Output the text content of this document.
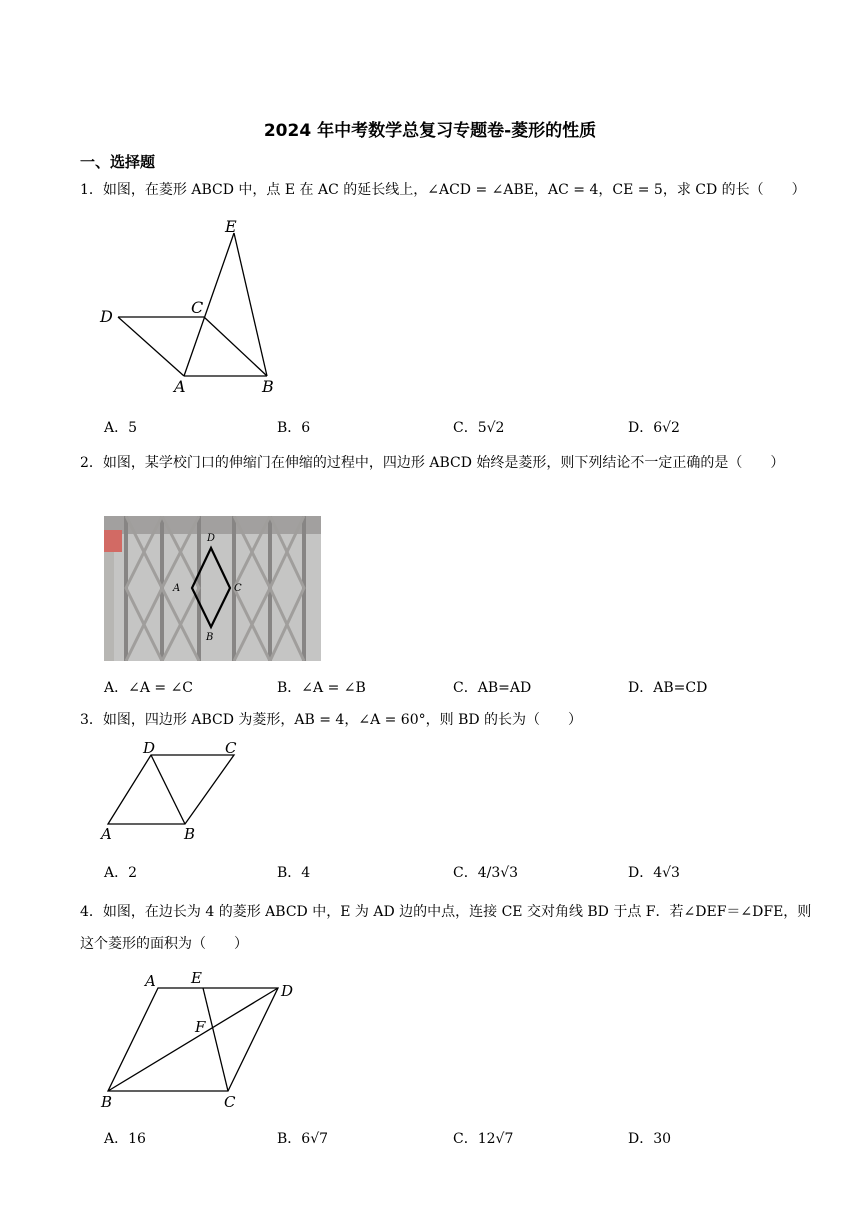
2024 年中考数学总复习专题卷-菱形的性质
一、选择题
1．如图，在菱形 ABCD 中，点 E 在 AC 的延长线上，∠ACD = ∠ABE，AC = 4，CE = 5，求 CD 的长（　　）
E
D	C
A	B
A．5	B．6	C．5√2	D．6√2
2．如图，某学校门口的伸缩门在伸缩的过程中，四边形 ABCD 始终是菱形，则下列结论不一定正确的是（　　）
D
A	C
B
A．∠A = ∠C	B．∠A = ∠B	C．AB=AD	D．AB=CD
3．如图，四边形 ABCD 为菱形，AB = 4，∠A = 60°，则 BD 的长为（　　）
D	C
A	B
A．2	B．4	C．4/3√3	D．4√3
4．如图，在边长为 4 的菱形 ABCD 中，E 为 AD 边的中点，连接 CE 交对角线 BD 于点 F．若∠DEF＝∠DFE，则这个菱形的面积为（　　）
A E
D
F
B	C
A．16	B．6√7	C．12√7	D．30
